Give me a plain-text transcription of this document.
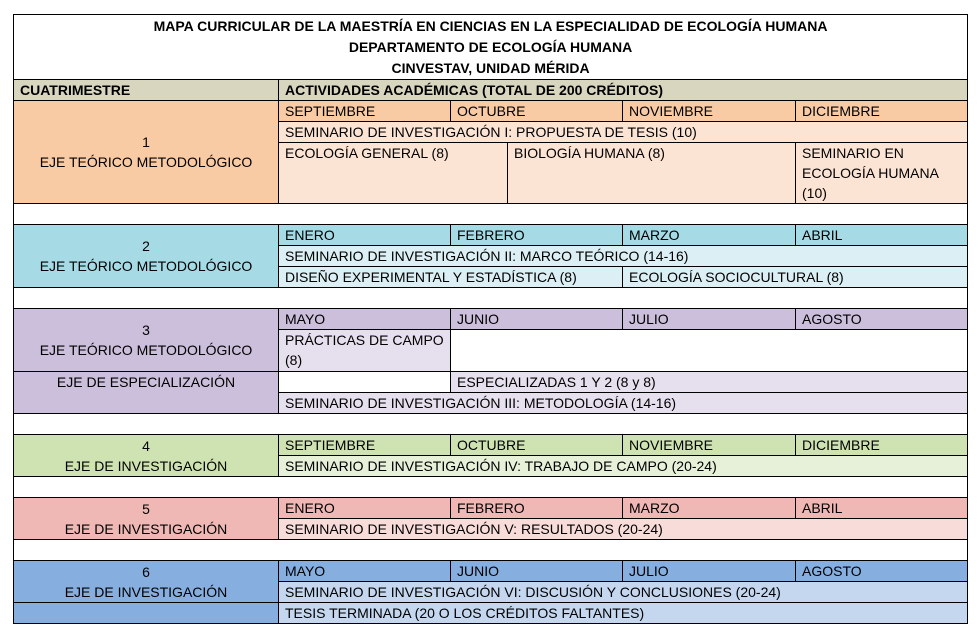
MAPA CURRICULAR DE LA MAESTRÍA EN CIENCIAS EN LA ESPECIALIDAD DE ECOLOGÍA HUMANA
DEPARTAMENTO DE ECOLOGÍA HUMANA
CINVESTAV, UNIDAD MÉRIDA					

CUATRIMESTRE	ACTIVIDADES ACADÉMICAS (TOTAL DE 200 CRÉDITOS)				

1
EJE TEÓRICO METODOLÓGICO	SEPTIEMBRE	OCTUBRE		NOVIEMBRE	DICIEMBRE
	SEMINARIO DE INVESTIGACIÓN I: PROPUESTA DE TESIS (10)				
	ECOLOGÍA GENERAL (8)		BIOLOGÍA HUMANA (8)		SEMINARIO EN ECOLOGÍA HUMANA (10)

2
EJE TEÓRICO METODOLÓGICO	ENERO	FEBRERO		MARZO	ABRIL
	SEMINARIO DE INVESTIGACIÓN II: MARCO TEÓRICO (14-16)				
	DISEÑO EXPERIMENTAL Y ESTADÍSTICA (8)			ECOLOGÍA SOCIOCULTURAL (8)	

3
EJE TEÓRICO METODOLÓGICO	MAYO	JUNIO		JULIO	AGOSTO
	PRÁCTICAS DE CAMPO (8)				
EJE DE ESPECIALIZACIÓN		ESPECIALIZADAS 1 Y 2 (8 y 8)			
	SEMINARIO DE INVESTIGACIÓN III: METODOLOGÍA (14-16)				

4
EJE DE INVESTIGACIÓN	SEPTIEMBRE	OCTUBRE		NOVIEMBRE	DICIEMBRE
	SEMINARIO DE INVESTIGACIÓN IV: TRABAJO DE CAMPO (20-24)				

5
EJE DE INVESTIGACIÓN	ENERO	FEBRERO		MARZO	ABRIL
	SEMINARIO DE INVESTIGACIÓN V: RESULTADOS (20-24)				

6
EJE DE INVESTIGACIÓN	MAYO	JUNIO		JULIO	AGOSTO
	SEMINARIO DE INVESTIGACIÓN VI: DISCUSIÓN Y CONCLUSIONES (20-24)				
	TESIS TERMINADA (20 O LOS CRÉDITOS FALTANTES)				
